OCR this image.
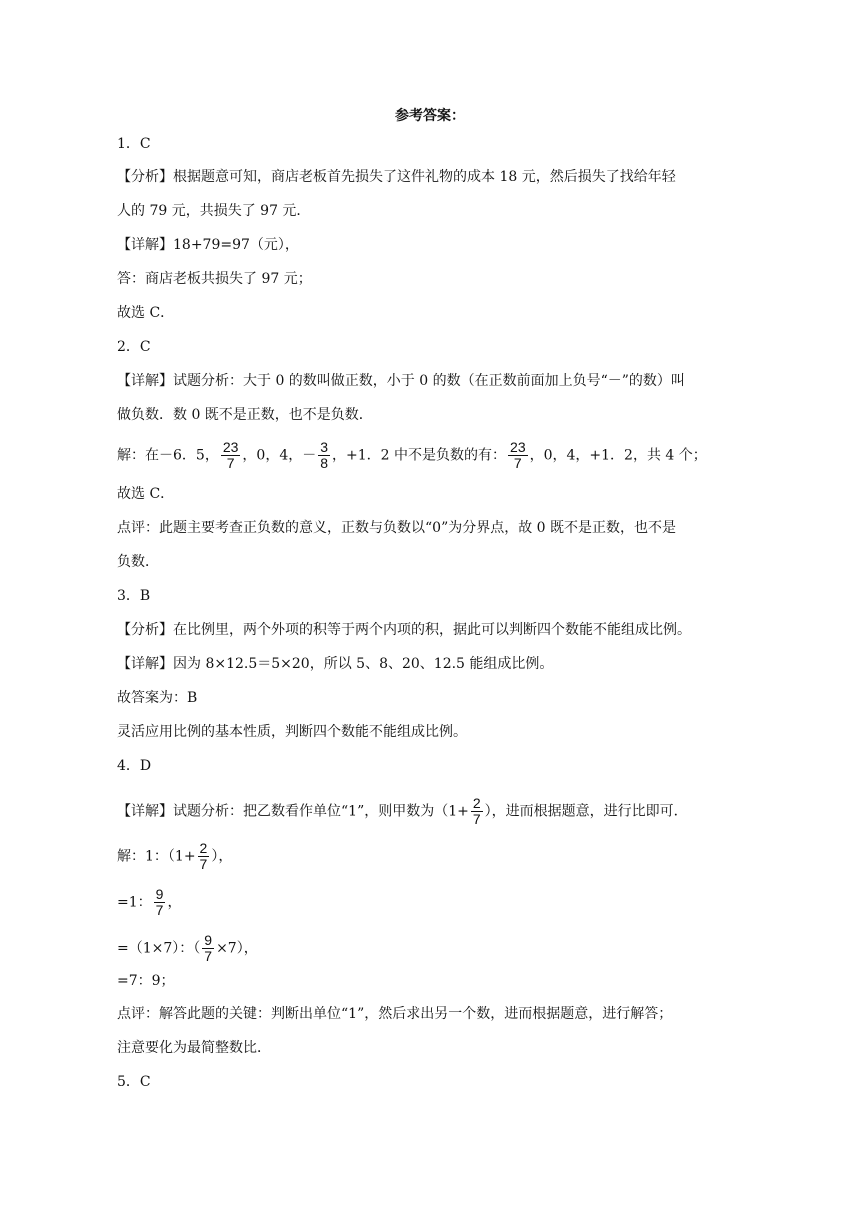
参考答案：
1．C
【分析】根据题意可知，商店老板首先损失了这件礼物的成本 18 元，然后损失了找给年轻
人的 79 元，共损失了 97 元．
【详解】18+79=97（元），
答：商店老板共损失了 97 元；
故选 C．
2．C
【详解】试题分析：大于 0 的数叫做正数，小于 0 的数（在正数前面加上负号“－”的数）叫
做负数．数 0 既不是正数，也不是负数．
解：在－6．5， $\frac{23}{7}$ ，0，4，－ $\frac{3}{8}$ ，+1．2 中不是负数的有： $\frac{23}{7}$ ，0，4，+1．2，共 4 个；
故选 C．
点评：此题主要考查正负数的意义，正数与负数以“0”为分界点，故 0 既不是正数，也不是
负数．
3．B
【分析】在比例里，两个外项的积等于两个内项的积，据此可以判断四个数能不能组成比例。
【详解】因为 8×12.5＝5×20，所以 5、8、20、12.5 能组成比例。
故答案为：B
灵活应用比例的基本性质，判断四个数能不能组成比例。
4．D
【详解】试题分析：把乙数看作单位“1”，则甲数为（$1+ \frac{2}{7}$ ），进而根据题意，进行比即可．
解：1：（$1+ \frac{2}{7}$ ），
=1： $\frac{9}{7}$ ，
=（1×7）：（ $\frac{9}{7} \times 7$），
=7：9；
点评：解答此题的关键：判断出单位“1”，然后求出另一个数，进而根据题意，进行解答；
注意要化为最简整数比．
5．C
